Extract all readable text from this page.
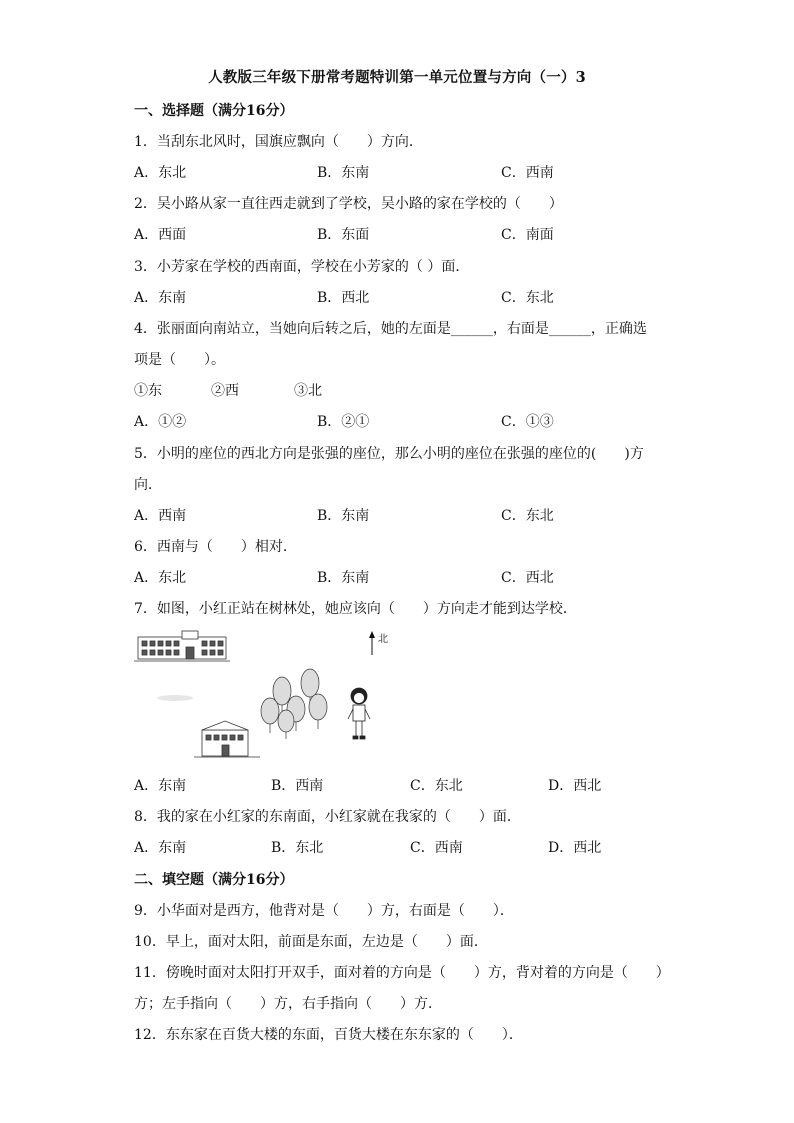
人教版三年级下册常考题特训第一单元位置与方向（一）3
一、选择题（满分16分）
1．当刮东北风时，国旗应飘向（　　）方向．
A．东北	B．东南	C．西南
2．吴小路从家一直往西走就到了学校，吴小路的家在学校的（　　）
A．西面	B．东面	C．南面
3．小芳家在学校的西南面，学校在小芳家的（ ）面．
A．东南	B．西北	C．东北
4．张丽面向南站立，当她向后转之后，她的左面是______，右面是______，正确选
项是（　　）。
①东	②西	③北
A．①②	B．②①	C．①③
5．小明的座位的西北方向是张强的座位，那么小明的座位在张强的座位的(　　)方
向．
A．西南	B．东南	C．东北
6．西南与（　　）相对．
A．东北	B．东南	C．西北
7．如图，小红正站在树林处，她应该向（　　）方向走才能到达学校．
北
A．东南	B．西南	C．东北	D．西北
8．我的家在小红家的东南面，小红家就在我家的（　　）面．
A．东南	B．东北	C．西南	D．西北
二、填空题（满分16分）
9．小华面对是西方，他背对是（　　）方，右面是（　　）．
10．早上，面对太阳，前面是东面，左边是（　　）面．
11．傍晚时面对太阳打开双手，面对着的方向是（　　）方，背对着的方向是（　　）
方；左手指向（　　）方，右手指向（　　）方．
12．东东家在百货大楼的东面，百货大楼在东东家的（　　）．
